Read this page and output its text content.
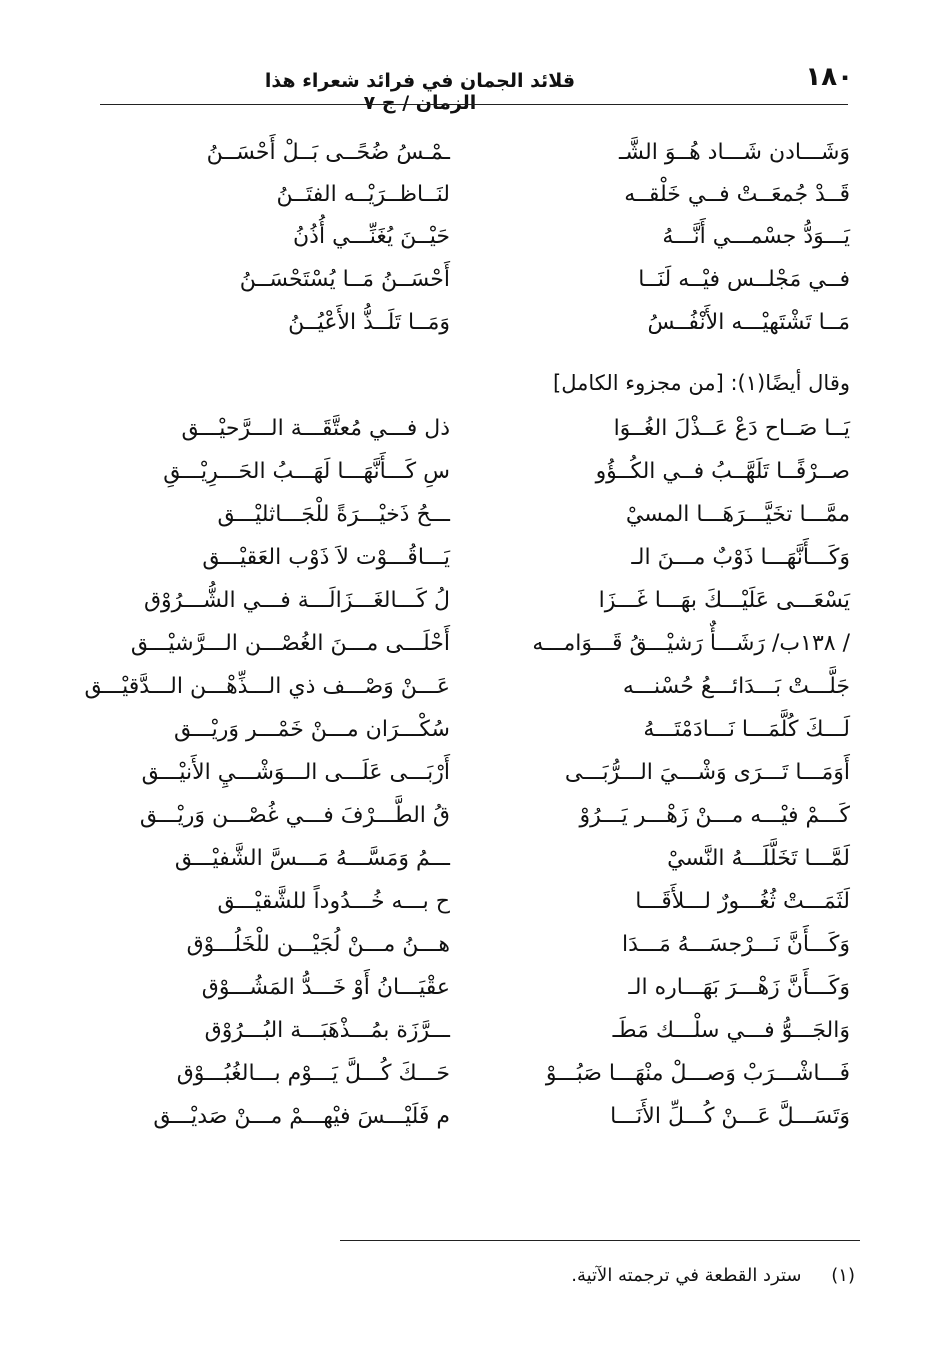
١٨٠
قلائد الجمان في فرائد شعراء هذا الزمان / ج ٧
وَشَـــادن شَـــاد هُــوَ الشَّـ
ـمْـسُ ضُحًــى بَــلْ أَحْسَــنُ
قَــدْ جُمعَــتْ فــي خَلْقــه
لنَــاظــرَيْــه الفتَــنُ
يَـــوَدُّ جسْمـــي أَنَّـــهُ
حَيْــنَ يُغَنِّـــي أُذُنُ
فــي مَجْلــس فيْــه لَنَــا
أَحْسَــنُ مَــا يُسْتَحْسَــنُ
مَــا تَشْتَهيْـــه الأَنْفُــسُ
وَمَــا تَلَــذُّ الأَعْيُــنُ
وقال أيضًا(١): [من مجزوء الكامل]
يَــا صَــاح دَعْ عَــذْلَ الغُــوَا
ذل فـــي مُعتَّقَـــة الـــرَّحيْـــق
صــرْفًــا تَلَهَّــبُ فــي الكُــؤُو
سِ كَـــأَنَّهَـــا لَهَـــبُ الحَـــرِيْـــقِ
ممَّـــا تخَيَّـــرَهَـــا المسيْ
ـــحُ ذَخيْـــرَةً للْجَـــاثليْـــق
وَكَـــأَنَّهَـــا ذَوْبٌ مـــنَ الـ
يَـــاقُـــوْت لاَ ذَوْب العَقيْـــق
يَسْعَـــى عَلَيْـــكَ بهَـــا غَـــزَا
لُ كَـــالغَـــزَالَـــة فـــي الشُّـــرُوْق
/ ١٣٨ب/ رَشَـــأٌ رَشيْـــقُ قَـــوَامـــه
أَحْلَـــى مـــنَ الغُصْـــن الـــرَّشيْـــق
جَلَّـــتْ بَـــدَائـــعُ حُسْنـــه
عَـــنْ وَصْـــف ذي الـــذِّهْـــن الـــدَّقيْـــق
لَـــكَ كُلَّمَـــا نَـــادَمْتَـــهُ
سُكْـــرَان مـــنْ خَمْـــر وَريْـــق
أَوَمَـــا تَـــرَى وَشْـــيَ الـــرُّبَـــى
أَرْبَـــى عَلَـــى الـــوَشْـــيِ الأَنيْـــق
كَـــمْ فيْـــه مـــنْ زَهْـــر يَـــرُوْ
قُ الطَّـــرْفَ فـــي غُصْـــن وَريْـــق
لَمَّـــا تَخَلَّلَـــهُ النَّسيْ
ـــمُ وَمَسَّـــهُ مَـــسَّ الشَّفيْـــق
لَثَمَـــتْ ثُغُـــورٌ لـــلأَقَـــا
ح بـــه خُـــدُوداً للشَّقيْـــق
وَكَـــأَنَّ نَـــرْجسَـــهُ مَـــدَا
هـــنُ مـــنْ لُجَيْـــن للْخَلُـــوْق
وَكَـــأَنَّ زَهْـــرَ بَهَـــاره الـ
عقْيَـــانُ أَوْ خَـــدُّ المَشُـــوْق
وَالجَـــوُّ فـــي سلْـــك مَطَـ
ـــرَّزَة بمُـــذْهَبَـــة البُـــرُوْق
فَـــاشْـــرَبْ وَصـــلْ منْهَـــا صَبُـــوْ
حَـــكَ كُـــلَّ يَـــوْم بـــالغُبُـــوْق
وَتَسَـــلَّ عَـــنْ كُـــلِّ الأَنَـــا
م فَلَيْـــسَ فيْهـــمْ مـــنْ صَديْـــق
(١) سترد القطعة في ترجمته الآتية.
